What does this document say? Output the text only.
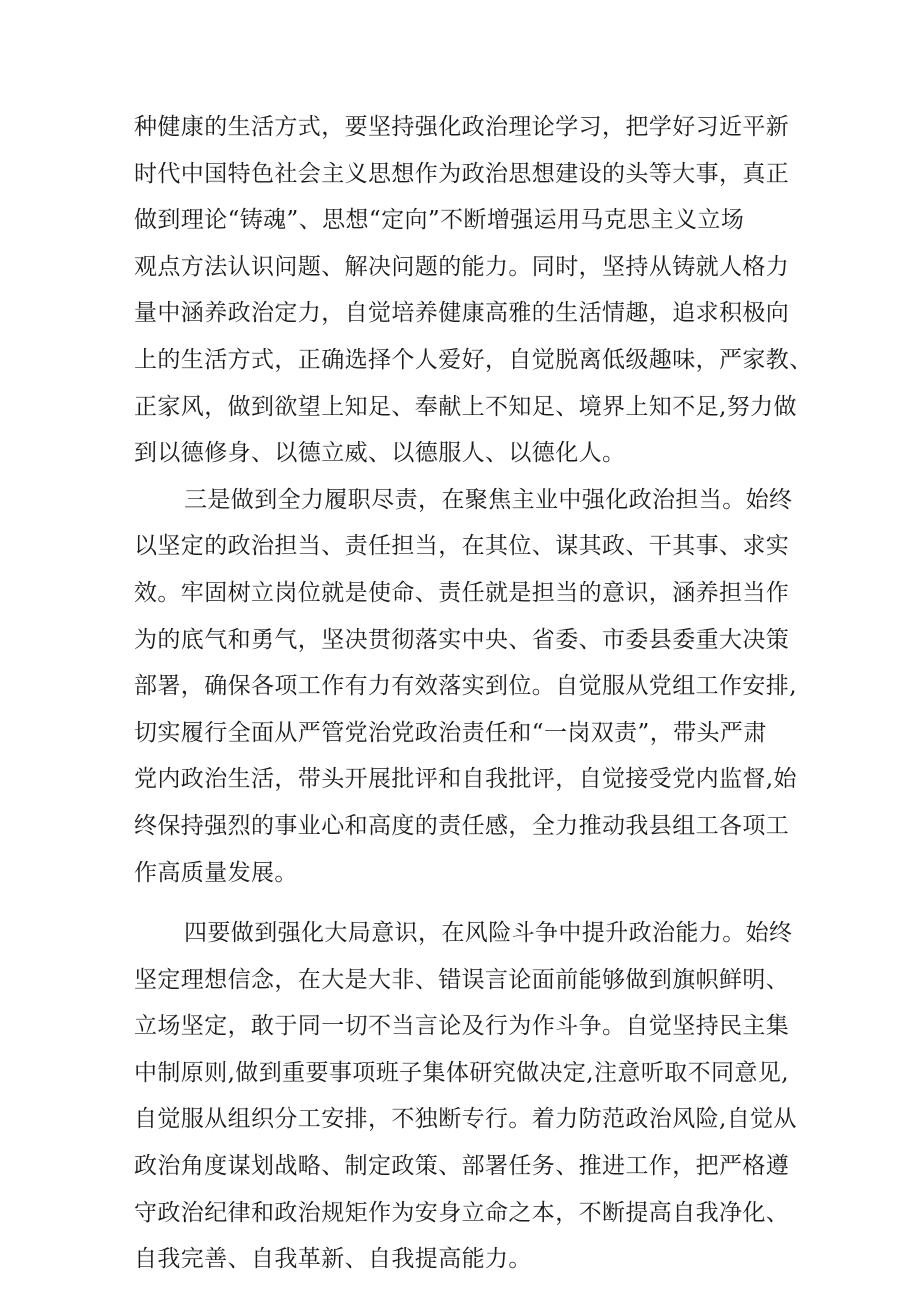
种健康的生活方式，要坚持强化政治理论学习，把学好习近平新
时代中国特色社会主义思想作为政治思想建设的头等大事，真正
做到理论“铸魂”、思想“定向”不断增强运用马克思主义立场
观点方法认识问题、解决问题的能力。同时，坚持从铸就人格力
量中涵养政治定力，自觉培养健康高雅的生活情趣，追求积极向
上的生活方式，正确选择个人爱好，自觉脱离低级趣味，严家教、
正家风，做到欲望上知足、奉献上不知足、境界上知不足,努力做
到以德修身、以德立威、以德服人、以德化人。
三是做到全力履职尽责，在聚焦主业中强化政治担当。始终
以坚定的政治担当、责任担当，在其位、谋其政、干其事、求实
效。牢固树立岗位就是使命、责任就是担当的意识，涵养担当作
为的底气和勇气，坚决贯彻落实中央、省委、市委县委重大决策
部署，确保各项工作有力有效落实到位。自觉服从党组工作安排,
切实履行全面从严管党治党政治责任和“一岗双责”，带头严肃
党内政治生活，带头开展批评和自我批评，自觉接受党内监督,始
终保持强烈的事业心和高度的责任感，全力推动我县组工各项工
作高质量发展。
四要做到强化大局意识，在风险斗争中提升政治能力。始终
坚定理想信念，在大是大非、错误言论面前能够做到旗帜鲜明、
立场坚定，敢于同一切不当言论及行为作斗争。自觉坚持民主集
中制原则,做到重要事项班子集体研究做决定,注意听取不同意见,
自觉服从组织分工安排，不独断专行。着力防范政治风险,自觉从
政治角度谋划战略、制定政策、部署任务、推进工作，把严格遵
守政治纪律和政治规矩作为安身立命之本，不断提高自我净化、
自我完善、自我革新、自我提高能力。
